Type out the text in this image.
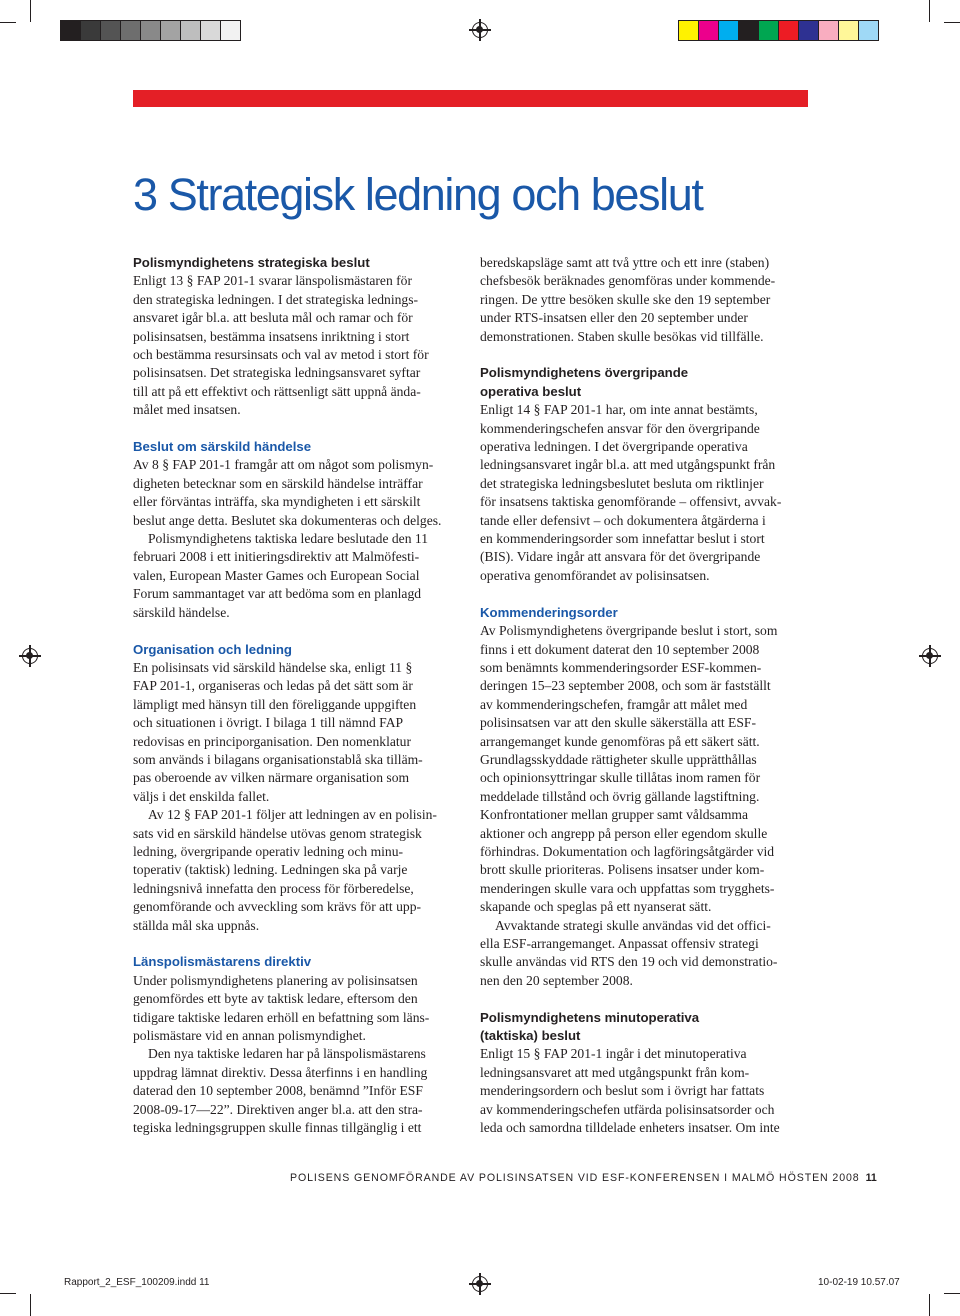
3 Strategisk ledning och beslut
Polismyndighetens strategiska beslut

Enligt 13 § FAP 201-1 svarar länspolismästaren för
den strategiska ledningen. I det strategiska lednings-
ansvaret igår bl.a. att besluta mål och ramar och för
polisinsatsen, bestämma insatsens inriktning i stort
och bestämma resursinsats och val av metod i stort för
polisinsatsen. Det strategiska ledningsansvaret syftar
till att på ett effektivt och rättsenligt sätt uppnå ända-
målet med insatsen.

Beslut om särskild händelse

Av 8 § FAP 201-1 framgår att om något som polismyn-
digheten betecknar som en särskild händelse inträffar
eller förväntas inträffa, ska myndigheten i ett särskilt
beslut ange detta. Beslutet ska dokumenteras och delges.

Polismyndighetens taktiska ledare beslutade den 11
februari 2008 i ett initieringsdirektiv att Malmöfesti-
valen, European Master Games och European Social
Forum sammantaget var att bedöma som en planlagd
särskild händelse.

Organisation och ledning

En polisinsats vid särskild händelse ska, enligt 11 §
FAP 201-1, organiseras och ledas på det sätt som är
lämpligt med hänsyn till den föreliggande uppgiften
och situationen i övrigt. I bilaga 1 till nämnd FAP
redovisas en principorganisation. Den nomenklatur
som används i bilagans organisationstablå ska tilläm-
pas oberoende av vilken närmare organisation som
väljs i det enskilda fallet.

Av 12 § FAP 201-1 följer att ledningen av en polisin-
sats vid en särskild händelse utövas genom strategisk
ledning, övergripande operativ ledning och minu-
toperativ (taktisk) ledning. Ledningen ska på varje
ledningsnivå innefatta den process för förberedelse,
genomförande och avveckling som krävs för att upp-
ställda mål ska uppnås.

Länspolismästarens direktiv

Under polismyndighetens planering av polisinsatsen
genomfördes ett byte av taktisk ledare, eftersom den
tidigare taktiske ledaren erhöll en befattning som läns-
polismästare vid en annan polismyndighet.

Den nya taktiske ledaren har på länspolismästarens
uppdrag lämnat direktiv. Dessa återfinns i en handling
daterad den 10 september 2008, benämnd ”Inför ESF
2008-09-17—22”. Direktiven anger bl.a. att den stra-
tegiska ledningsgruppen skulle finnas tillgänglig i ett

beredskapsläge samt att två yttre och ett inre (staben)
chefsbesök beräknades genomföras under kommende-
ringen. De yttre besöken skulle ske den 19 september
under RTS-insatsen eller den 20 september under
demonstrationen. Staben skulle besökas vid tillfälle.

Polismyndighetens övergripande
operativa beslut

Enligt 14 § FAP 201-1 har, om inte annat bestämts,
kommenderingschefen ansvar för den övergripande
operativa ledningen. I det övergripande operativa
ledningsansvaret ingår bl.a. att med utgångspunkt från
det strategiska ledningsbeslutet besluta om riktlinjer
för insatsens taktiska genomförande – offensivt, avvak-
tande eller defensivt – och dokumentera åtgärderna i
en kommenderingsorder som innefattar beslut i stort
(BIS). Vidare ingår att ansvara för det övergripande
operativa genomförandet av polisinsatsen.

Kommenderingsorder

Av Polismyndighetens övergripande beslut i stort, som
finns i ett dokument daterat den 10 september 2008
som benämnts kommenderingsorder ESF-kommen-
deringen 15–23 september 2008, och som är fastställt
av kommenderingschefen, framgår att målet med
polisinsatsen var att den skulle säkerställa att ESF-
arrangemanget kunde genomföras på ett säkert sätt.
Grundlagsskyddade rättigheter skulle upprätthållas
och opinionsyttringar skulle tillåtas inom ramen för
meddelade tillstånd och övrig gällande lagstiftning.
Konfrontationer mellan grupper samt våldsamma
aktioner och angrepp på person eller egendom skulle
förhindras. Dokumentation och lagföringsåtgärder vid
brott skulle prioriteras. Polisens insatser under kom-
menderingen skulle vara och uppfattas som trygghets-
skapande och speglas på ett nyanserat sätt.

Avvaktande strategi skulle användas vid det offici-
ella ESF-arrangemanget. Anpassat offensiv strategi
skulle användas vid RTS den 19 och vid demonstratio-
nen den 20 september 2008.

Polismyndighetens minutoperativa
(taktiska) beslut

Enligt 15 § FAP 201-1 ingår i det minutoperativa
ledningsansvaret att med utgångspunkt från kom-
menderingsordern och beslut som i övrigt har fattats
av kommenderingschefen utfärda polisinsatsorder och
leda och samordna tilldelade enheters insatser. Om inte

POLISENS GENOMFÖRANDE AV POLISINSATSEN VID ESF-KONFERENSEN I MALMÖ HÖSTEN 2008 11
Rapport_2_ESF_100209.indd 11	10-02-19 10.57.07
